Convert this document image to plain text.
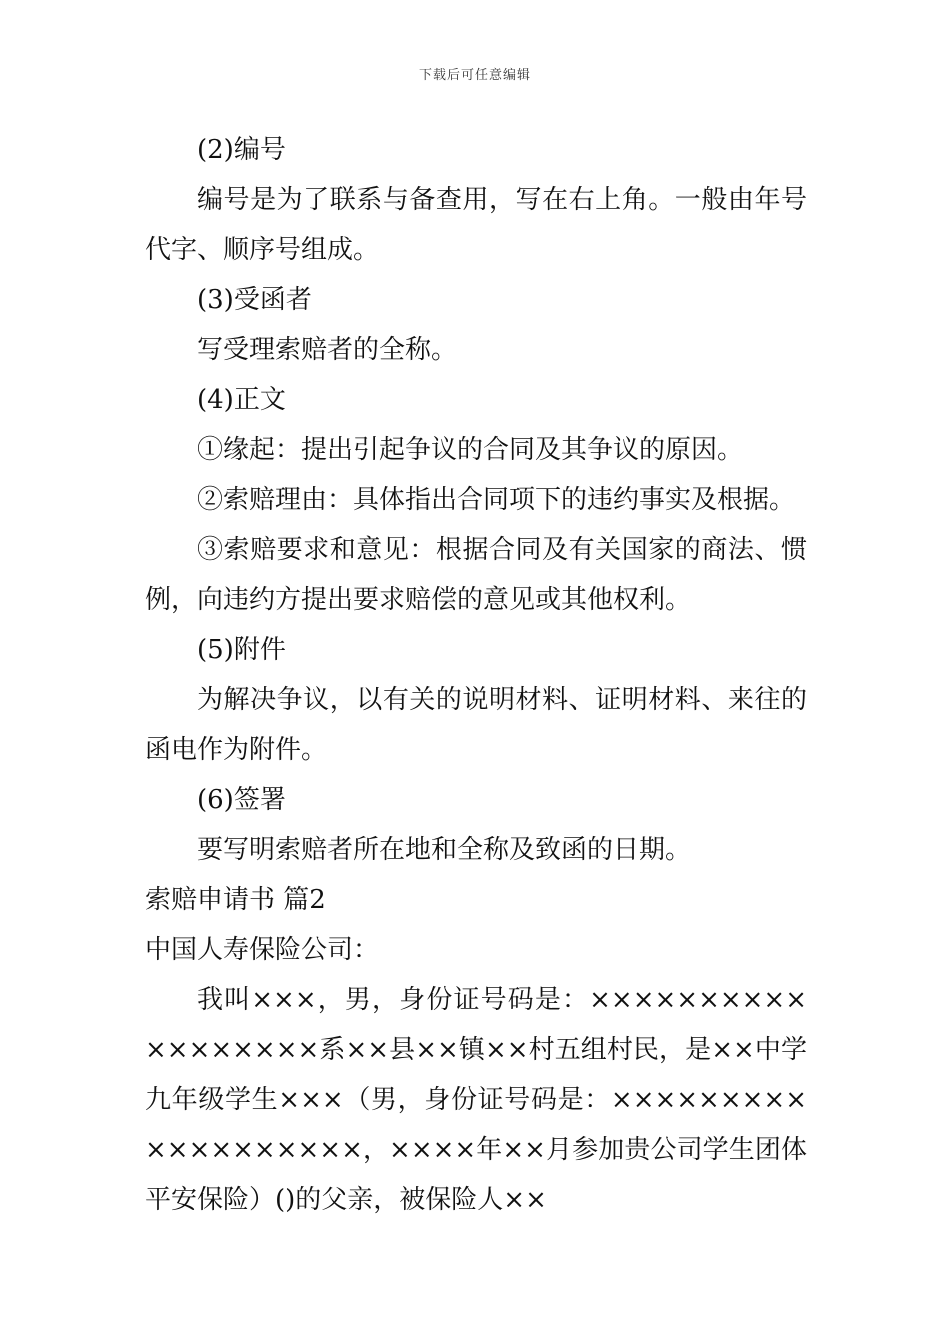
下载后可任意编辑

(2)编号

编号是为了联系与备查用，写在右上角。一般由年号代字、顺序号组成。

(3)受函者

写受理索赔者的全称。

(4)正文

①缘起：提出引起争议的合同及其争议的原因。

②索赔理由：具体指出合同项下的违约事实及根据。

③索赔要求和意见：根据合同及有关国家的商法、惯例，向违约方提出要求赔偿的意见或其他权利。

(5)附件

为解决争议，以有关的说明材料、证明材料、来往的函电作为附件。

(6)签署

要写明索赔者所在地和全称及致函的日期。

索赔申请书 篇2

中国人寿保险公司：

我叫×××，男，身份证号码是：××××××××××××××××××系××县××镇××村五组村民，是××中学九年级学生×××（男，身份证号码是：×××××××××××××××××××，××××年××月参加贵公司学生团体平安保险）()的父亲，被保险人××
